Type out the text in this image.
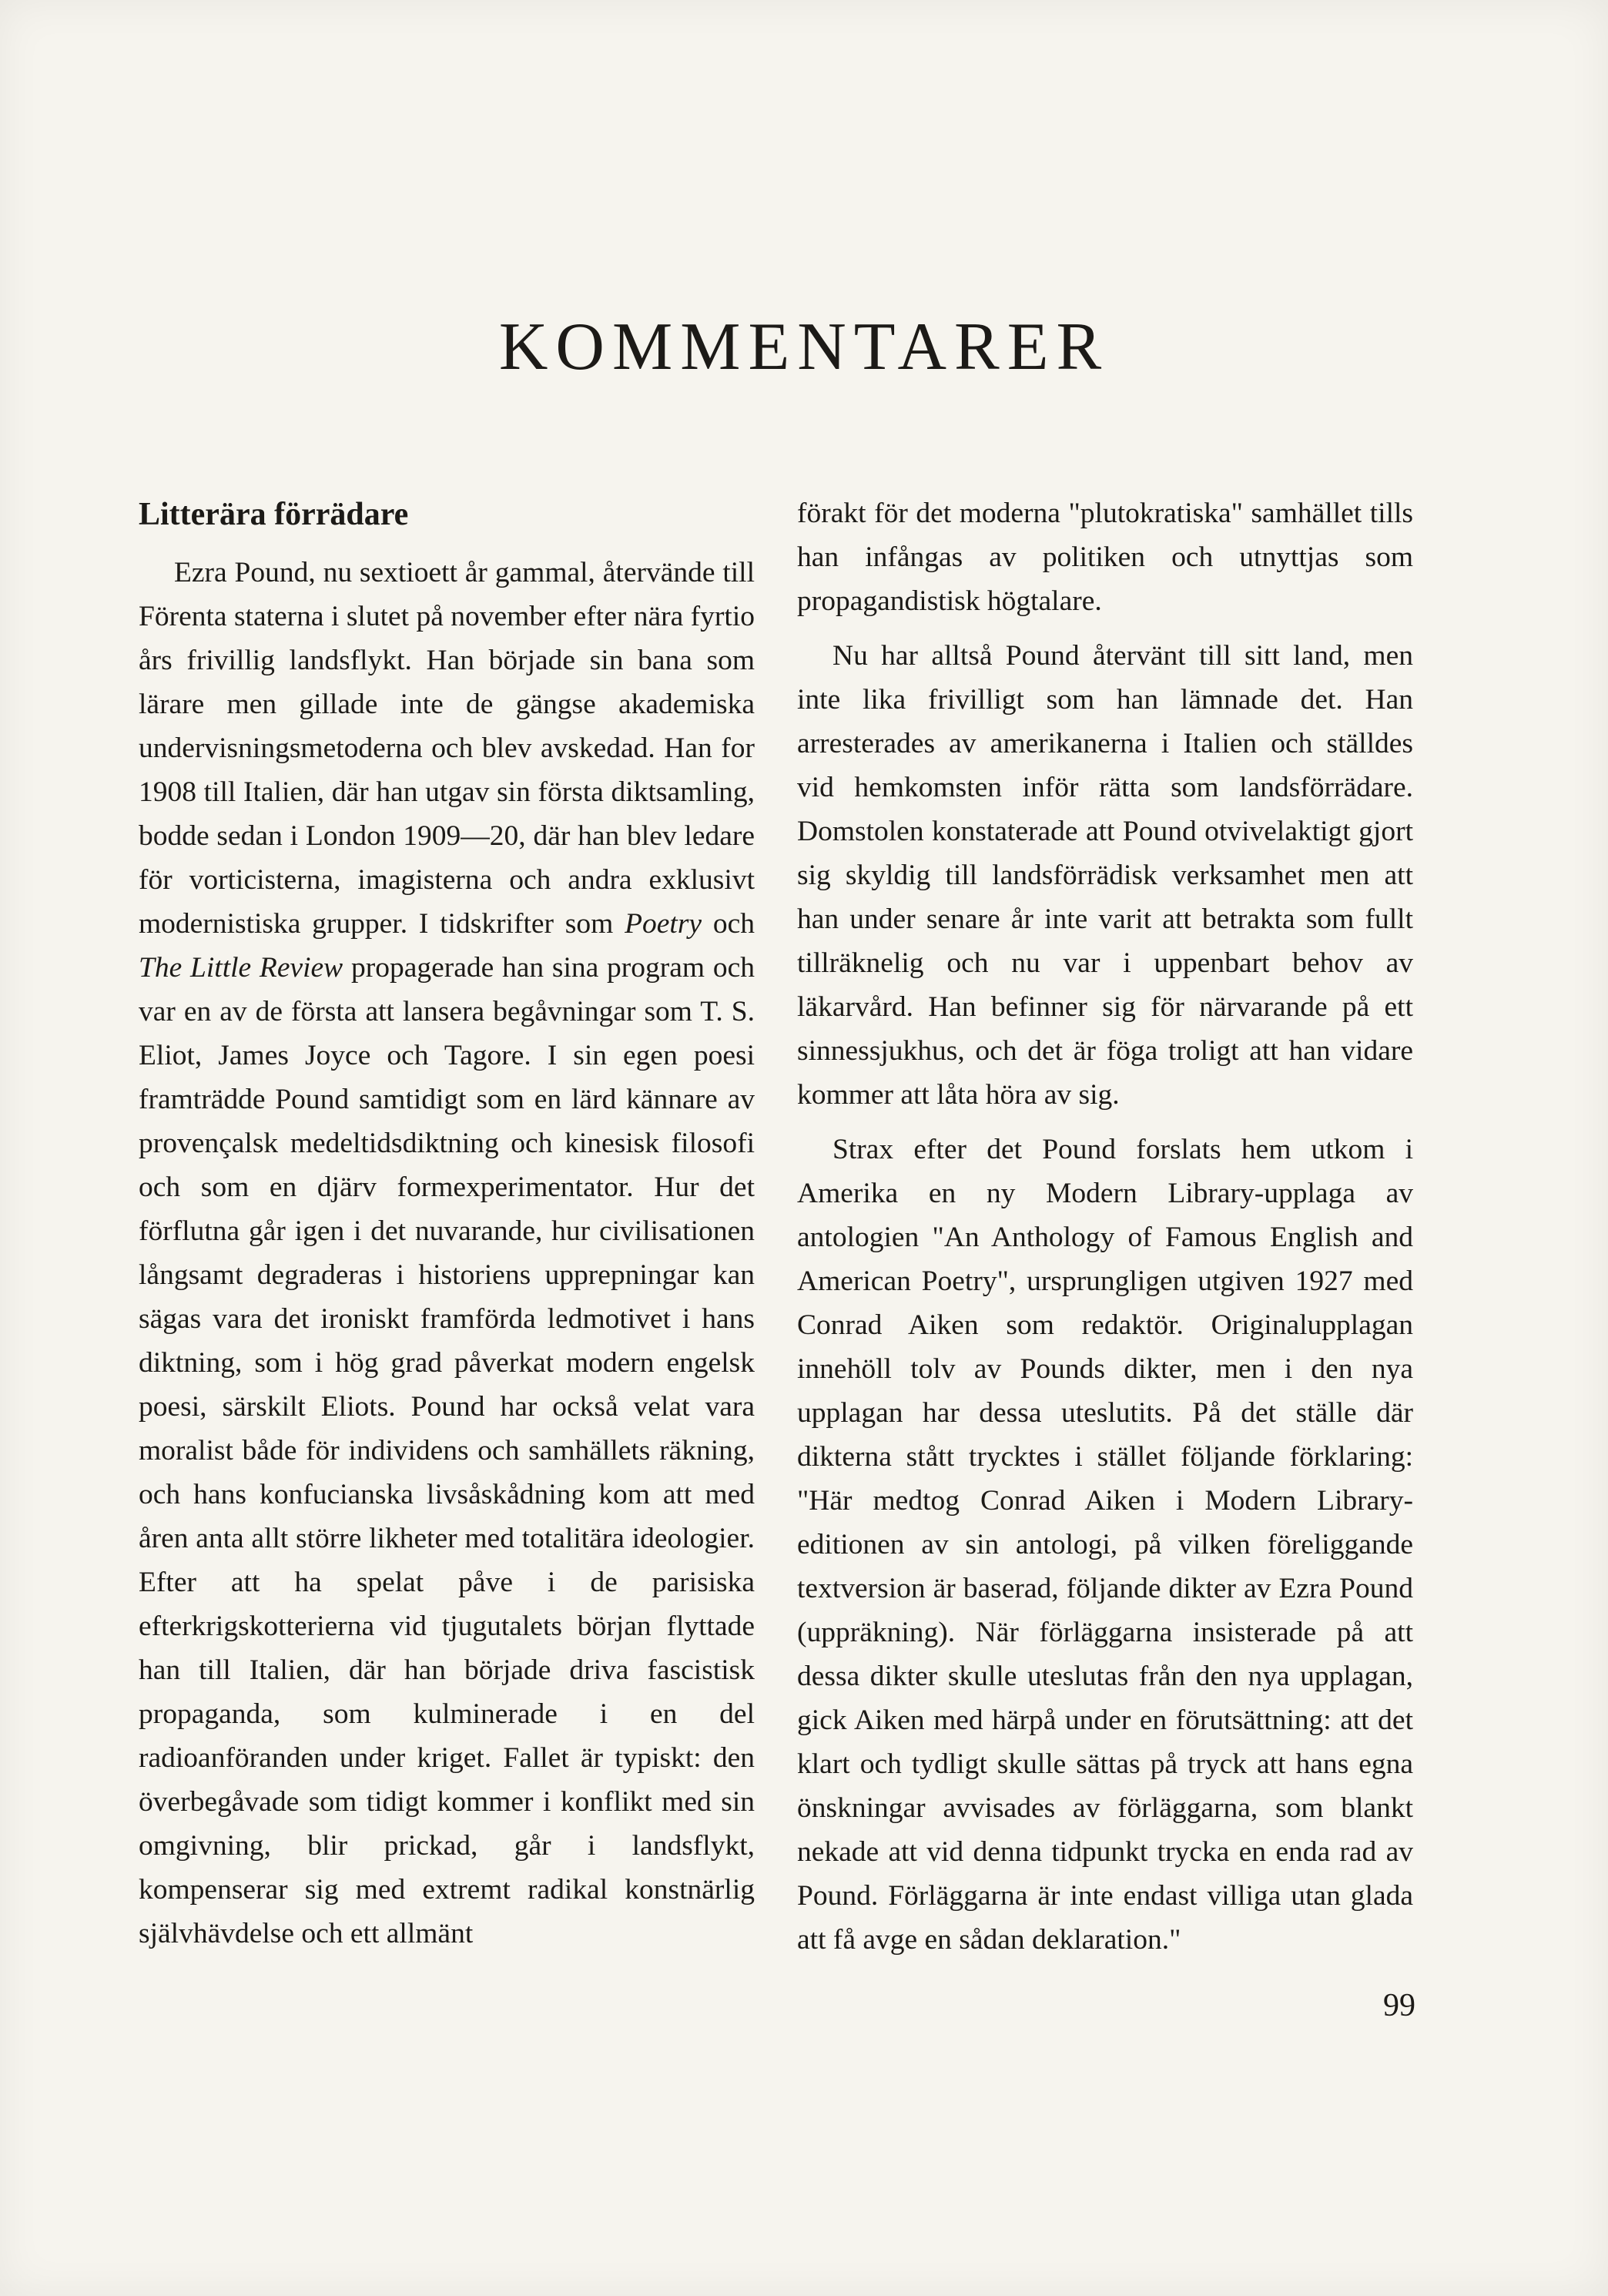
KOMMENTARER
Litterära förrädare

Ezra Pound, nu sextioett år gammal, återvände till Förenta staterna i slutet på november efter nära fyrtio års frivillig landsflykt. Han började sin bana som lärare men gillade inte de gängse akademiska undervisningsmetoderna och blev avskedad. Han for 1908 till Italien, där han utgav sin första diktsamling, bodde sedan i London 1909—20, där han blev ledare för vorticisterna, imagisterna och andra exklusivt modernistiska grupper. I tidskrifter som Poetry och The Little Review propagerade han sina program och var en av de första att lansera begåvningar som T. S. Eliot, James Joyce och Tagore. I sin egen poesi framträdde Pound samtidigt som en lärd kännare av provençalsk medeltidsdiktning och kinesisk filosofi och som en djärv formexperimentator. Hur det förflutna går igen i det nuvarande, hur civilisationen långsamt degraderas i historiens upprepningar kan sägas vara det ironiskt framförda ledmotivet i hans diktning, som i hög grad påverkat modern engelsk poesi, särskilt Eliots. Pound har också velat vara moralist både för individens och samhällets räkning, och hans konfucianska livsåskådning kom att med åren anta allt större likheter med totalitära ideologier. Efter att ha spelat påve i de parisiska efterkrigskotterierna vid tjugutalets början flyttade han till Italien, där han började driva fascistisk propaganda, som kulminerade i en del radioanföranden under kriget. Fallet är typiskt: den överbegåvade som tidigt kommer i konflikt med sin omgivning, blir prickad, går i landsflykt, kompenserar sig med extremt radikal konstnärlig självhävdelse och ett allmänt

förakt för det moderna "plutokratiska" samhället tills han infångas av politiken och utnyttjas som propagandistisk högtalare.

Nu har alltså Pound återvänt till sitt land, men inte lika frivilligt som han lämnade det. Han arresterades av amerikanerna i Italien och ställdes vid hemkomsten inför rätta som landsförrädare. Domstolen konstaterade att Pound otvivelaktigt gjort sig skyldig till landsförrädisk verksamhet men att han under senare år inte varit att betrakta som fullt tillräknelig och nu var i uppenbart behov av läkarvård. Han befinner sig för närvarande på ett sinnessjukhus, och det är föga troligt att han vidare kommer att låta höra av sig.

Strax efter det Pound forslats hem utkom i Amerika en ny Modern Library-upplaga av antologien "An Anthology of Famous English and American Poetry", ursprungligen utgiven 1927 med Conrad Aiken som redaktör. Originalupplagan innehöll tolv av Pounds dikter, men i den nya upplagan har dessa uteslutits. På det ställe där dikterna stått trycktes i stället följande förklaring: "Här medtog Conrad Aiken i Modern Library-editionen av sin antologi, på vilken föreliggande textversion är baserad, följande dikter av Ezra Pound (uppräkning). När förläggarna insisterade på att dessa dikter skulle uteslutas från den nya upplagan, gick Aiken med härpå under en förutsättning: att det klart och tydligt skulle sättas på tryck att hans egna önskningar avvisades av förläggarna, som blankt nekade att vid denna tidpunkt trycka en enda rad av Pound. Förläggarna är inte endast villiga utan glada att få avge en sådan deklaration."

99
